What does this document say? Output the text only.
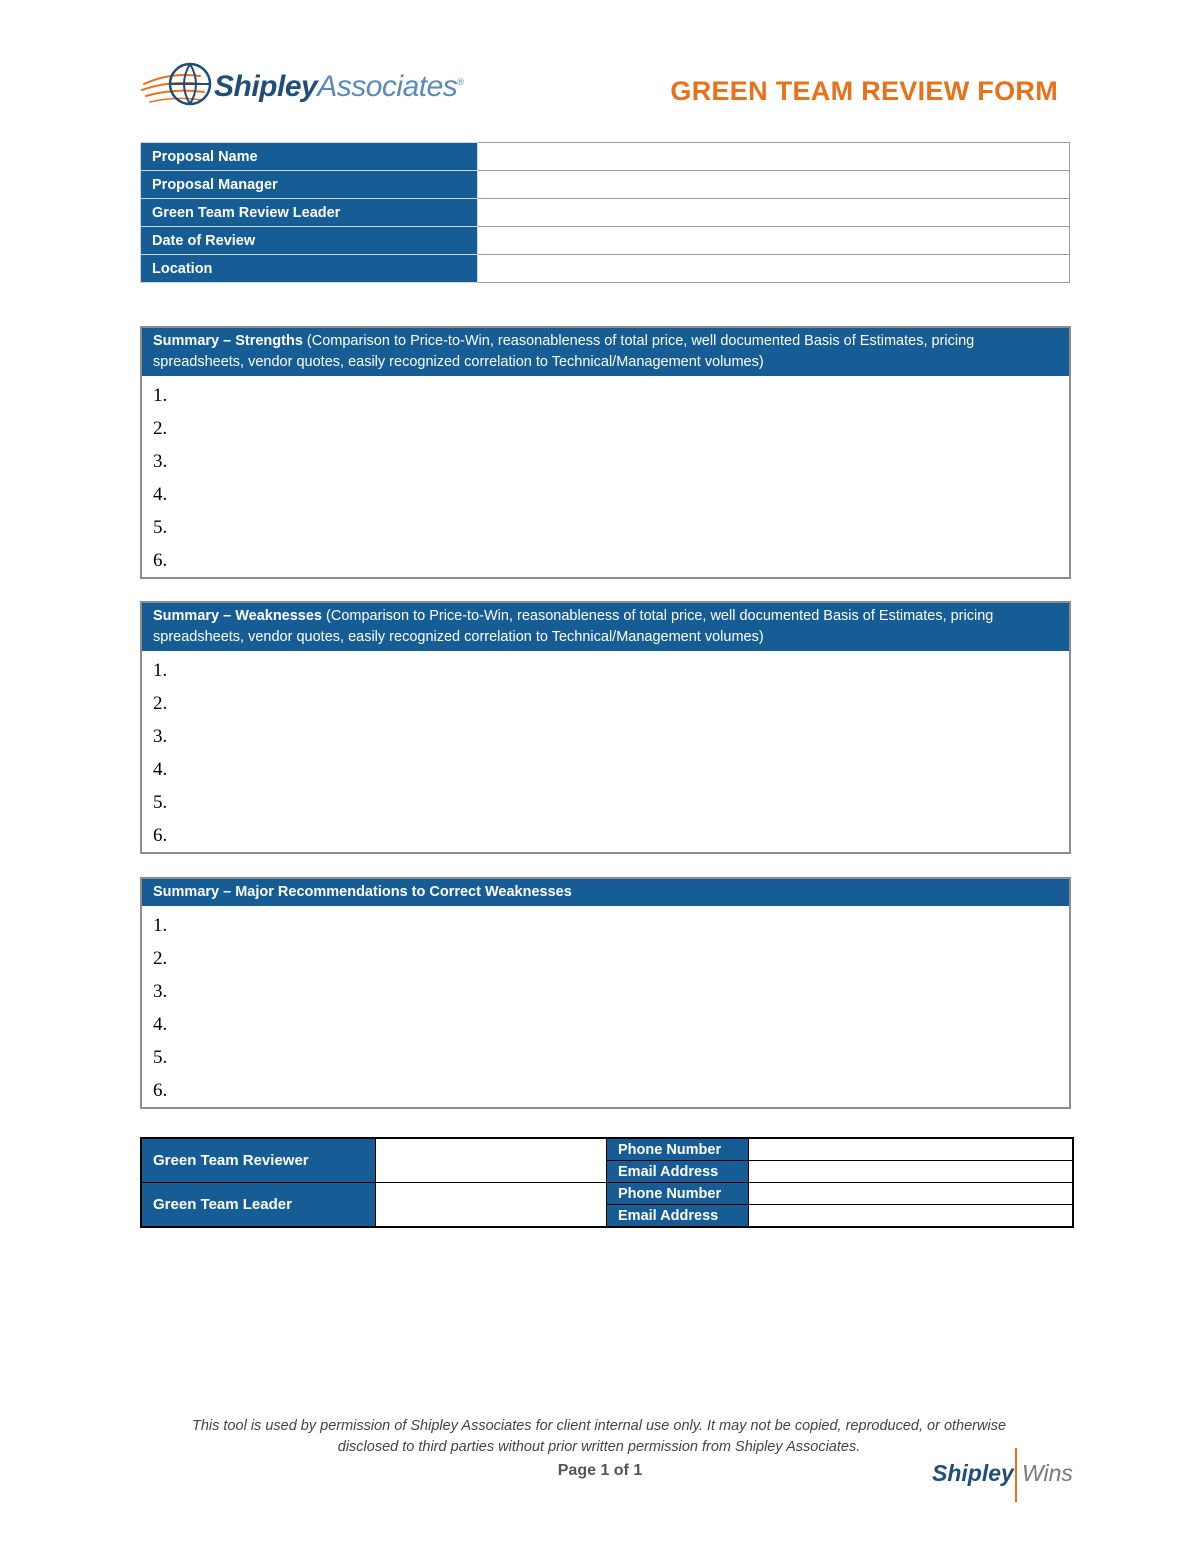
ShipleyAssociates®	GREEN TEAM REVIEW FORM
Proposal Name	
Proposal Manager	
Green Team Review Leader	
Date of Review	
Location	
Summary – Strengths (Comparison to Price-to-Win, reasonableness of total price, well documented Basis of Estimates, pricing spreadsheets, vendor quotes, easily recognized correlation to Technical/Management volumes)
1.
2.
3.
4.
5.
6.
Summary – Weaknesses (Comparison to Price-to-Win, reasonableness of total price, well documented Basis of Estimates, pricing spreadsheets, vendor quotes, easily recognized correlation to Technical/Management volumes)
1.
2.
3.
4.
5.
6.
Summary – Major Recommendations to Correct Weaknesses
1.
2.
3.
4.
5.
6.
Green Team Reviewer		Phone Number	
		Email Address	
Green Team Leader		Phone Number	
		Email Address	
This tool is used by permission of Shipley Associates for client internal use only. It may not be copied, reproduced, or otherwise
disclosed to third parties without prior written permission from Shipley Associates.
Page 1 of 1	Shipley Wins
